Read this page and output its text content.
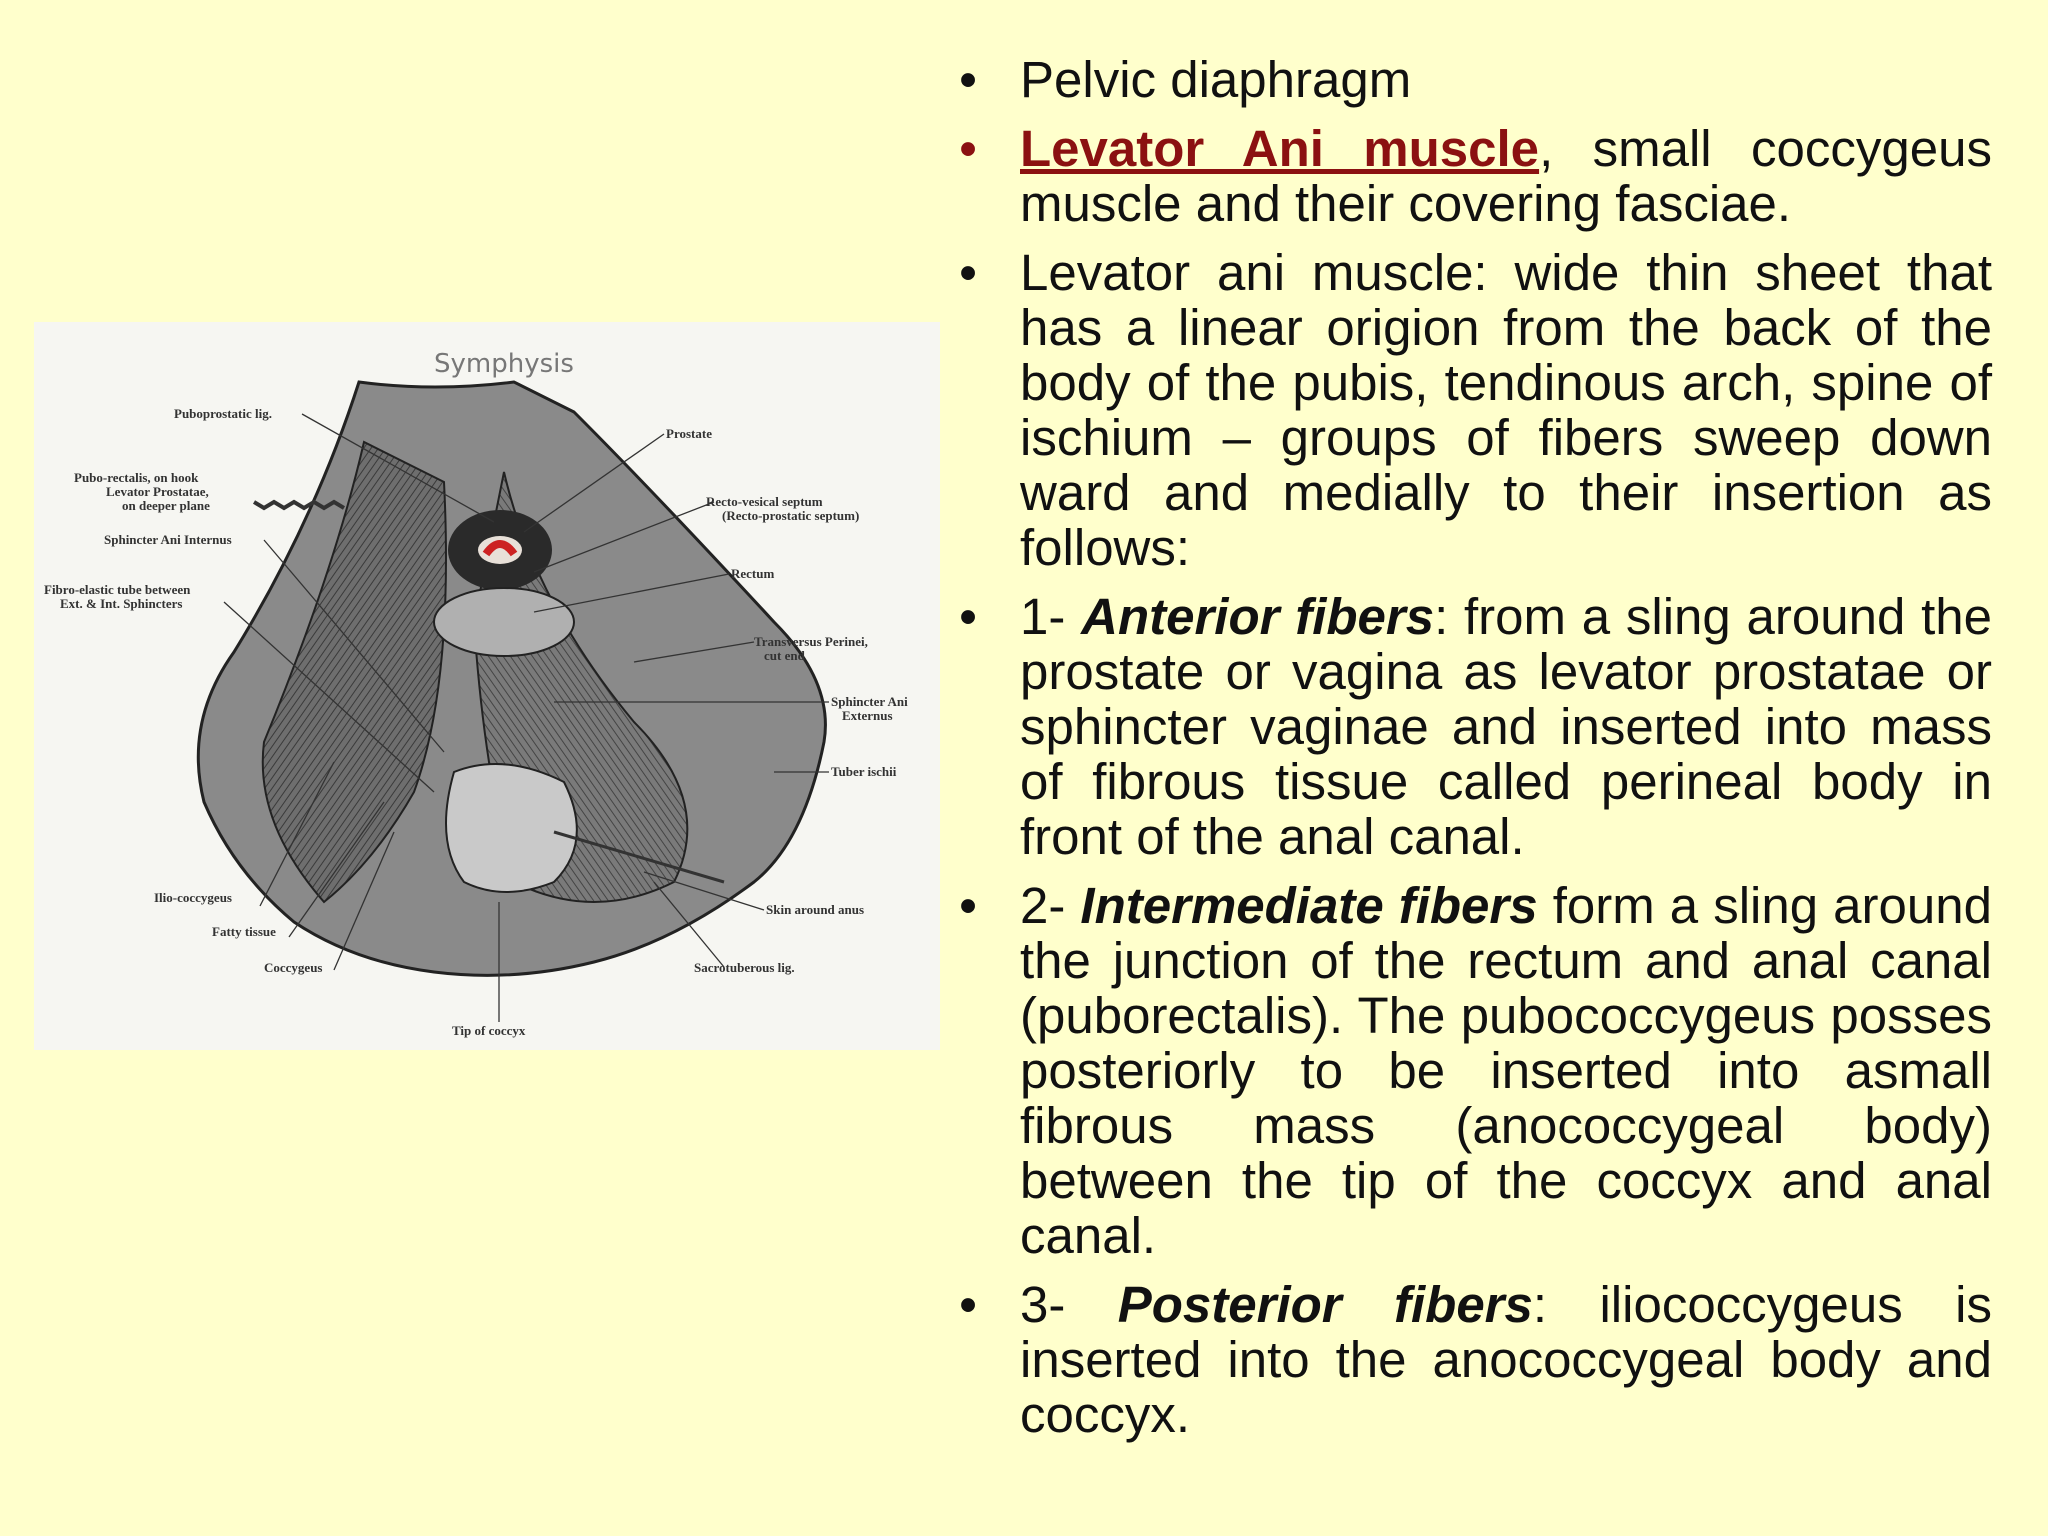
Symphysis
Puboprostatic lig.
Pubo-rectalis, on hook
Levator Prostatae,
on deeper plane
Sphincter Ani Internus
Fibro-elastic tube between
Ext. & Int. Sphincters
Prostate
Recto-vesical septum
(Recto-prostatic septum)
Rectum
Transversus Perinei,
cut end
Sphincter Ani
Externus
Tuber ischii
Ilio-coccygeus
Fatty tissue
Coccygeus
Skin around anus
Sacrotuberous lig.
Tip of coccyx
• Pelvic diaphragm
• Levator Ani muscle, small coccygeus muscle and their covering fasciae.
• Levator ani muscle: wide thin sheet that has a linear origion from the back of the body of the pubis, tendinous arch, spine of ischium – groups of fibers sweep down ward and medially to their insertion as follows:
• 1- Anterior fibers: from a sling around the prostate or vagina as levator prostatae or sphincter vaginae and inserted into mass of fibrous tissue called perineal body in front of the anal canal.
• 2- Intermediate fibers form a sling around the junction of the rectum and anal canal (puborectalis). The pubococcygeus posses posteriorly to be inserted into asmall fibrous mass (anococcygeal body) between the tip of the coccyx and anal canal.
• 3- Posterior fibers: iliococcygeus is inserted into the anococcygeal body and coccyx.
